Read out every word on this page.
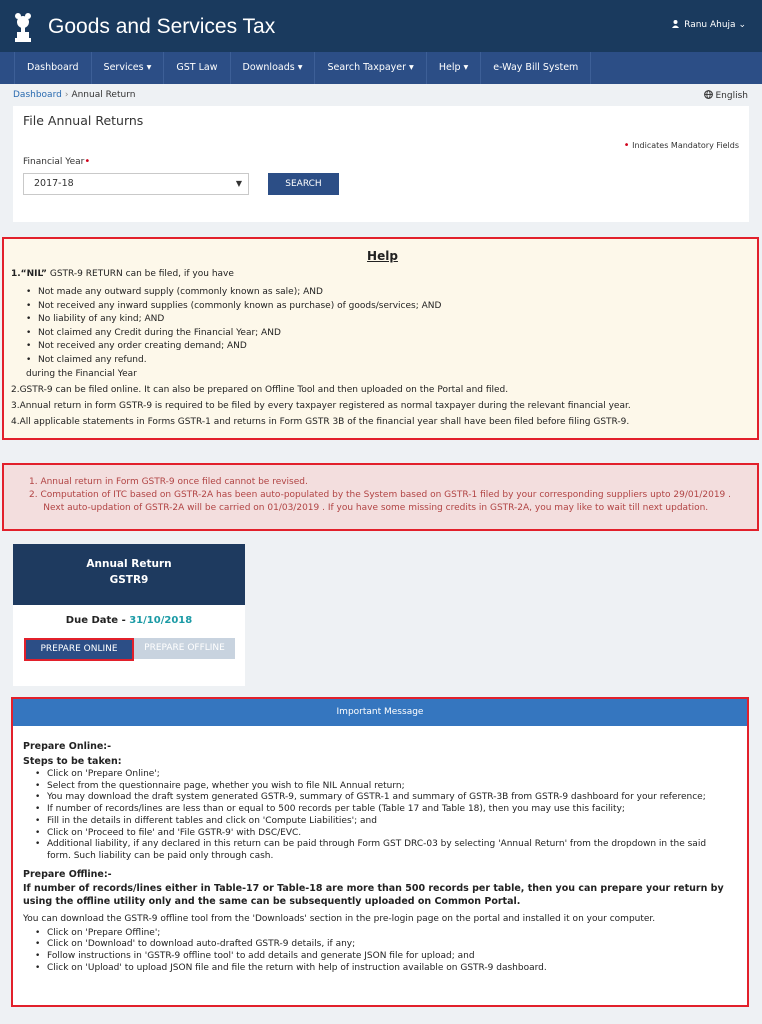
Goods and Services Tax	Ranu Ahuja ⌄
Dashboard	Services ▾	GST Law	Downloads ▾	Search Taxpayer ▾	Help ▾	e-Way Bill System
Dashboard › Annual Return	English
File Annual Returns
• Indicates Mandatory Fields
Financial Year•
2017-18	▼	SEARCH
Help
1.“NIL” GSTR-9 RETURN can be filed, if you have
• Not made any outward supply (commonly known as sale); AND
• Not received any inward supplies (commonly known as purchase) of goods/services; AND
• No liability of any kind; AND
• Not claimed any Credit during the Financial Year; AND
• Not received any order creating demand; AND
• Not claimed any refund.
during the Financial Year
2.GSTR-9 can be filed online. It can also be prepared on Offline Tool and then uploaded on the Portal and filed.
3.Annual return in form GSTR-9 is required to be filed by every taxpayer registered as normal taxpayer during the relevant financial year.
4.All applicable statements in Forms GSTR-1 and returns in Form GSTR 3B of the financial year shall have been filed before filing GSTR-9.
1. Annual return in Form GSTR-9 once filed cannot be revised.
2. Computation of ITC based on GSTR-2A has been auto-populated by the System based on GSTR-1 filed by your corresponding suppliers upto 29/01/2019 .
Next auto-updation of GSTR-2A will be carried on 01/03/2019 . If you have some missing credits in GSTR-2A, you may like to wait till next updation.
Annual Return
GSTR9
Due Date - 31/10/2018
PREPARE ONLINE	PREPARE OFFLINE
Important Message
Prepare Online:-
Steps to be taken:
• Click on 'Prepare Online';
• Select from the questionnaire page, whether you wish to file NIL Annual return;
• You may download the draft system generated GSTR-9, summary of GSTR-1 and summary of GSTR-3B from GSTR-9 dashboard for your reference;
• If number of records/lines are less than or equal to 500 records per table (Table 17 and Table 18), then you may use this facility;
• Fill in the details in different tables and click on 'Compute Liabilities'; and
• Click on 'Proceed to file' and 'File GSTR-9' with DSC/EVC.
• Additional liability, if any declared in this return can be paid through Form GST DRC-03 by selecting 'Annual Return' from the dropdown in the said form. Such liability can be paid only through cash.
Prepare Offline:-
If number of records/lines either in Table-17 or Table-18 are more than 500 records per table, then you can prepare your return by using the offline utility only and the same can be subsequently uploaded on Common Portal.
You can download the GSTR-9 offline tool from the 'Downloads' section in the pre-login page on the portal and installed it on your computer.
• Click on 'Prepare Offline';
• Click on 'Download' to download auto-drafted GSTR-9 details, if any;
• Follow instructions in 'GSTR-9 offline tool' to add details and generate JSON file for upload; and
• Click on 'Upload' to upload JSON file and file the return with help of instruction available on GSTR-9 dashboard.
